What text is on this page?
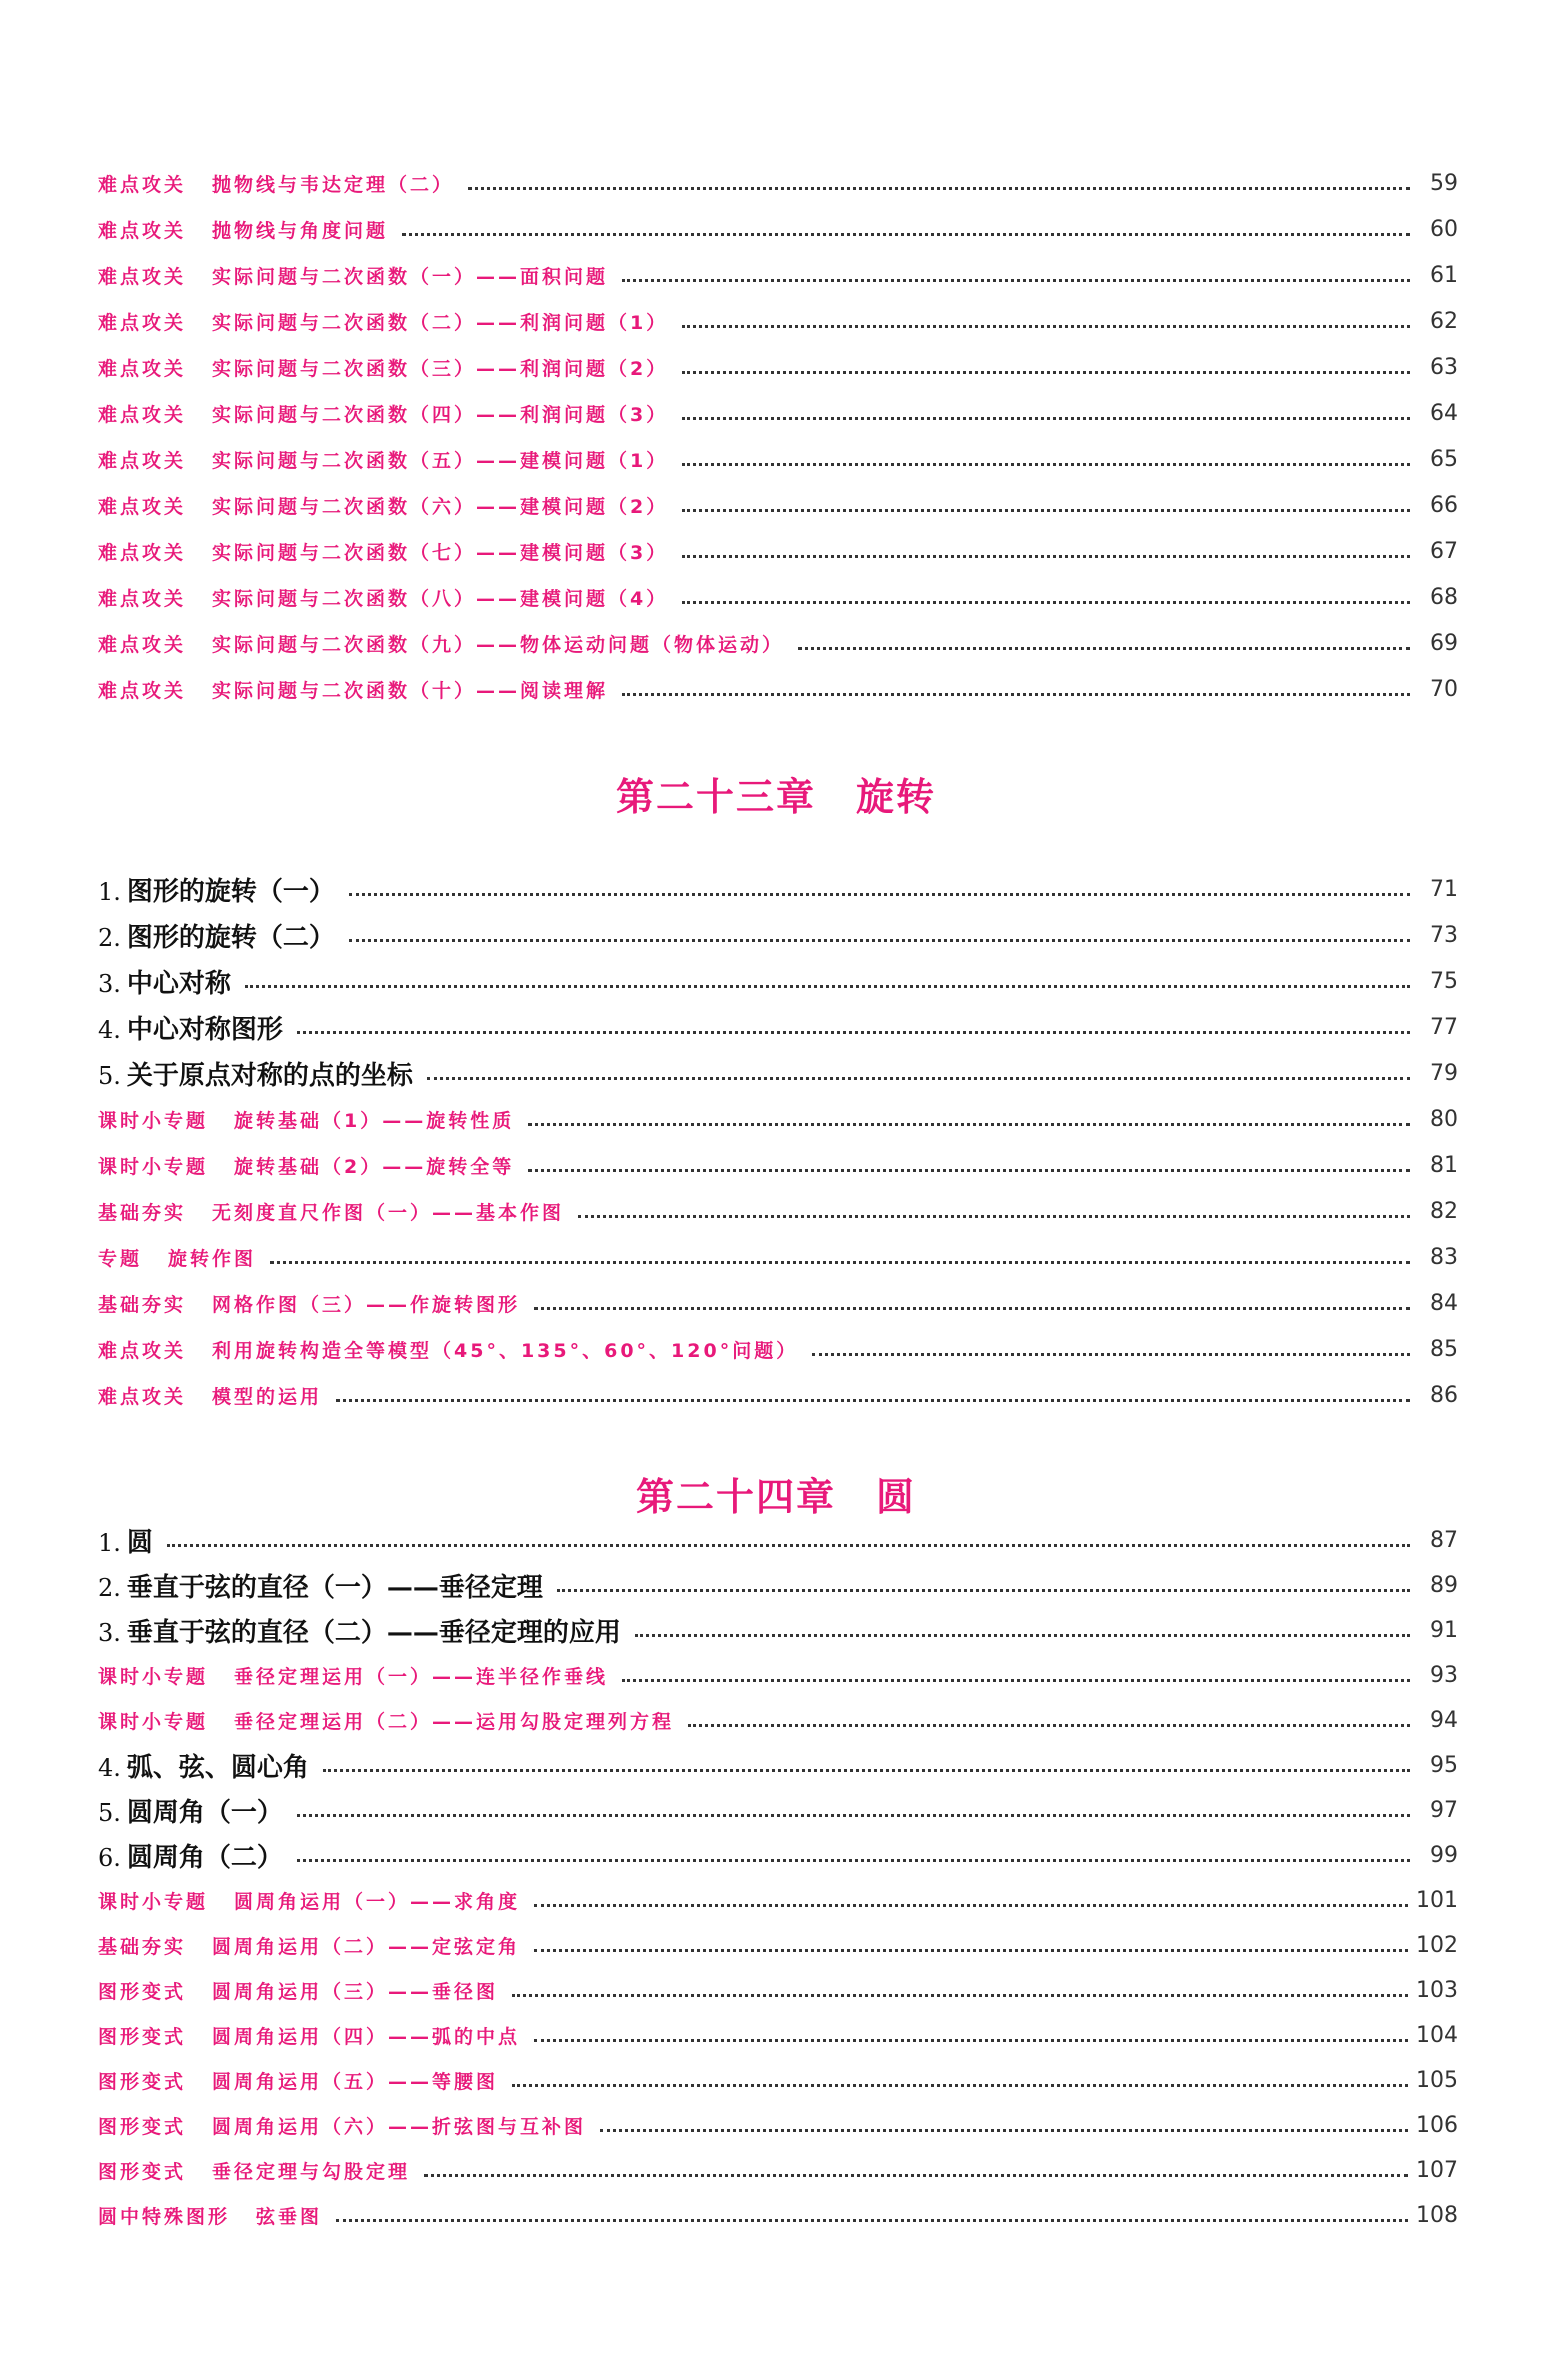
难点攻关 抛物线与韦达定理（二）	59
难点攻关 抛物线与角度问题	60
难点攻关 实际问题与二次函数（一）——面积问题	61
难点攻关 实际问题与二次函数（二）——利润问题（1）	62
难点攻关 实际问题与二次函数（三）——利润问题（2）	63
难点攻关 实际问题与二次函数（四）——利润问题（3）	64
难点攻关 实际问题与二次函数（五）——建模问题（1）	65
难点攻关 实际问题与二次函数（六）——建模问题（2）	66
难点攻关 实际问题与二次函数（七）——建模问题（3）	67
难点攻关 实际问题与二次函数（八）——建模问题（4）	68
难点攻关 实际问题与二次函数（九）——物体运动问题（物体运动）	69
难点攻关 实际问题与二次函数（十）——阅读理解	70
第二十三章 旋转
1. 图形的旋转（一）	71
2. 图形的旋转（二）	73
3. 中心对称	75
4. 中心对称图形	77
5. 关于原点对称的点的坐标	79
课时小专题 旋转基础（1）——旋转性质	80
课时小专题 旋转基础（2）——旋转全等	81
基础夯实 无刻度直尺作图（一）——基本作图	82
专题 旋转作图	83
基础夯实 网格作图（三）——作旋转图形	84
难点攻关 利用旋转构造全等模型（45°、135°、60°、120°问题）	85
难点攻关 模型的运用	86
第二十四章 圆
1. 圆	87
2. 垂直于弦的直径（一）——垂径定理	89
3. 垂直于弦的直径（二）——垂径定理的应用	91
课时小专题 垂径定理运用（一）——连半径作垂线	93
课时小专题 垂径定理运用（二）——运用勾股定理列方程	94
4. 弧、弦、圆心角	95
5. 圆周角（一）	97
6. 圆周角（二）	99
课时小专题 圆周角运用（一）——求角度	101
基础夯实 圆周角运用（二）——定弦定角	102
图形变式 圆周角运用（三）——垂径图	103
图形变式 圆周角运用（四）——弧的中点	104
图形变式 圆周角运用（五）——等腰图	105
图形变式 圆周角运用（六）——折弦图与互补图	106
图形变式 垂径定理与勾股定理	107
圆中特殊图形 弦垂图	108
